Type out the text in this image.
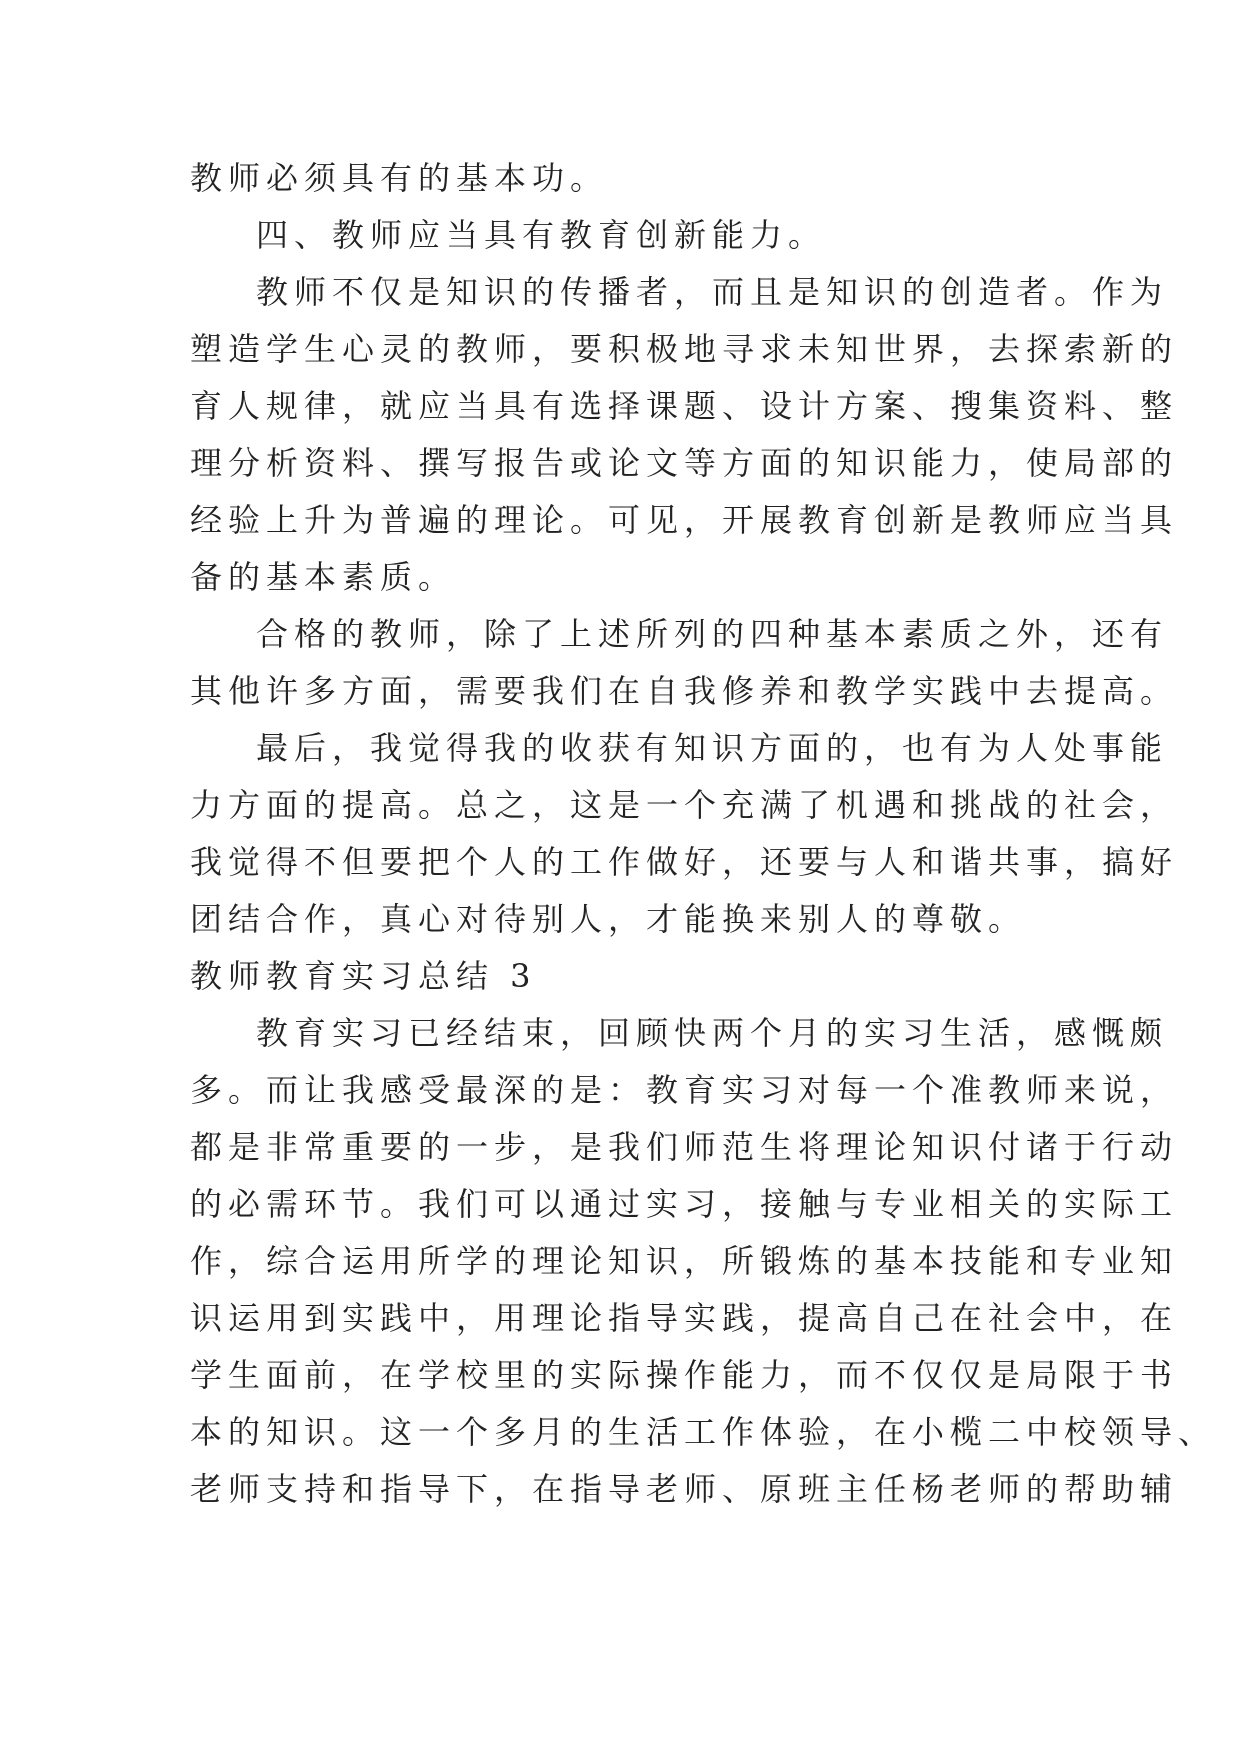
教师必须具有的基本功。
四、教师应当具有教育创新能力。
教师不仅是知识的传播者，而且是知识的创造者。作为
塑造学生心灵的教师，要积极地寻求未知世界，去探索新的
育人规律，就应当具有选择课题、设计方案、搜集资料、整
理分析资料、撰写报告或论文等方面的知识能力，使局部的
经验上升为普遍的理论。可见，开展教育创新是教师应当具
备的基本素质。
合格的教师，除了上述所列的四种基本素质之外，还有
其他许多方面，需要我们在自我修养和教学实践中去提高。
最后，我觉得我的收获有知识方面的，也有为人处事能
力方面的提高。总之，这是一个充满了机遇和挑战的社会，
我觉得不但要把个人的工作做好，还要与人和谐共事，搞好
团结合作，真心对待别人，才能换来别人的尊敬。
教师教育实习总结 3
教育实习已经结束，回顾快两个月的实习生活，感慨颇
多。而让我感受最深的是：教育实习对每一个准教师来说，
都是非常重要的一步，是我们师范生将理论知识付诸于行动
的必需环节。我们可以通过实习，接触与专业相关的实际工
作，综合运用所学的理论知识，所锻炼的基本技能和专业知
识运用到实践中，用理论指导实践，提高自己在社会中，在
学生面前，在学校里的实际操作能力，而不仅仅是局限于书
本的知识。这一个多月的生活工作体验，在小榄二中校领导、
老师支持和指导下，在指导老师、原班主任杨老师的帮助辅
